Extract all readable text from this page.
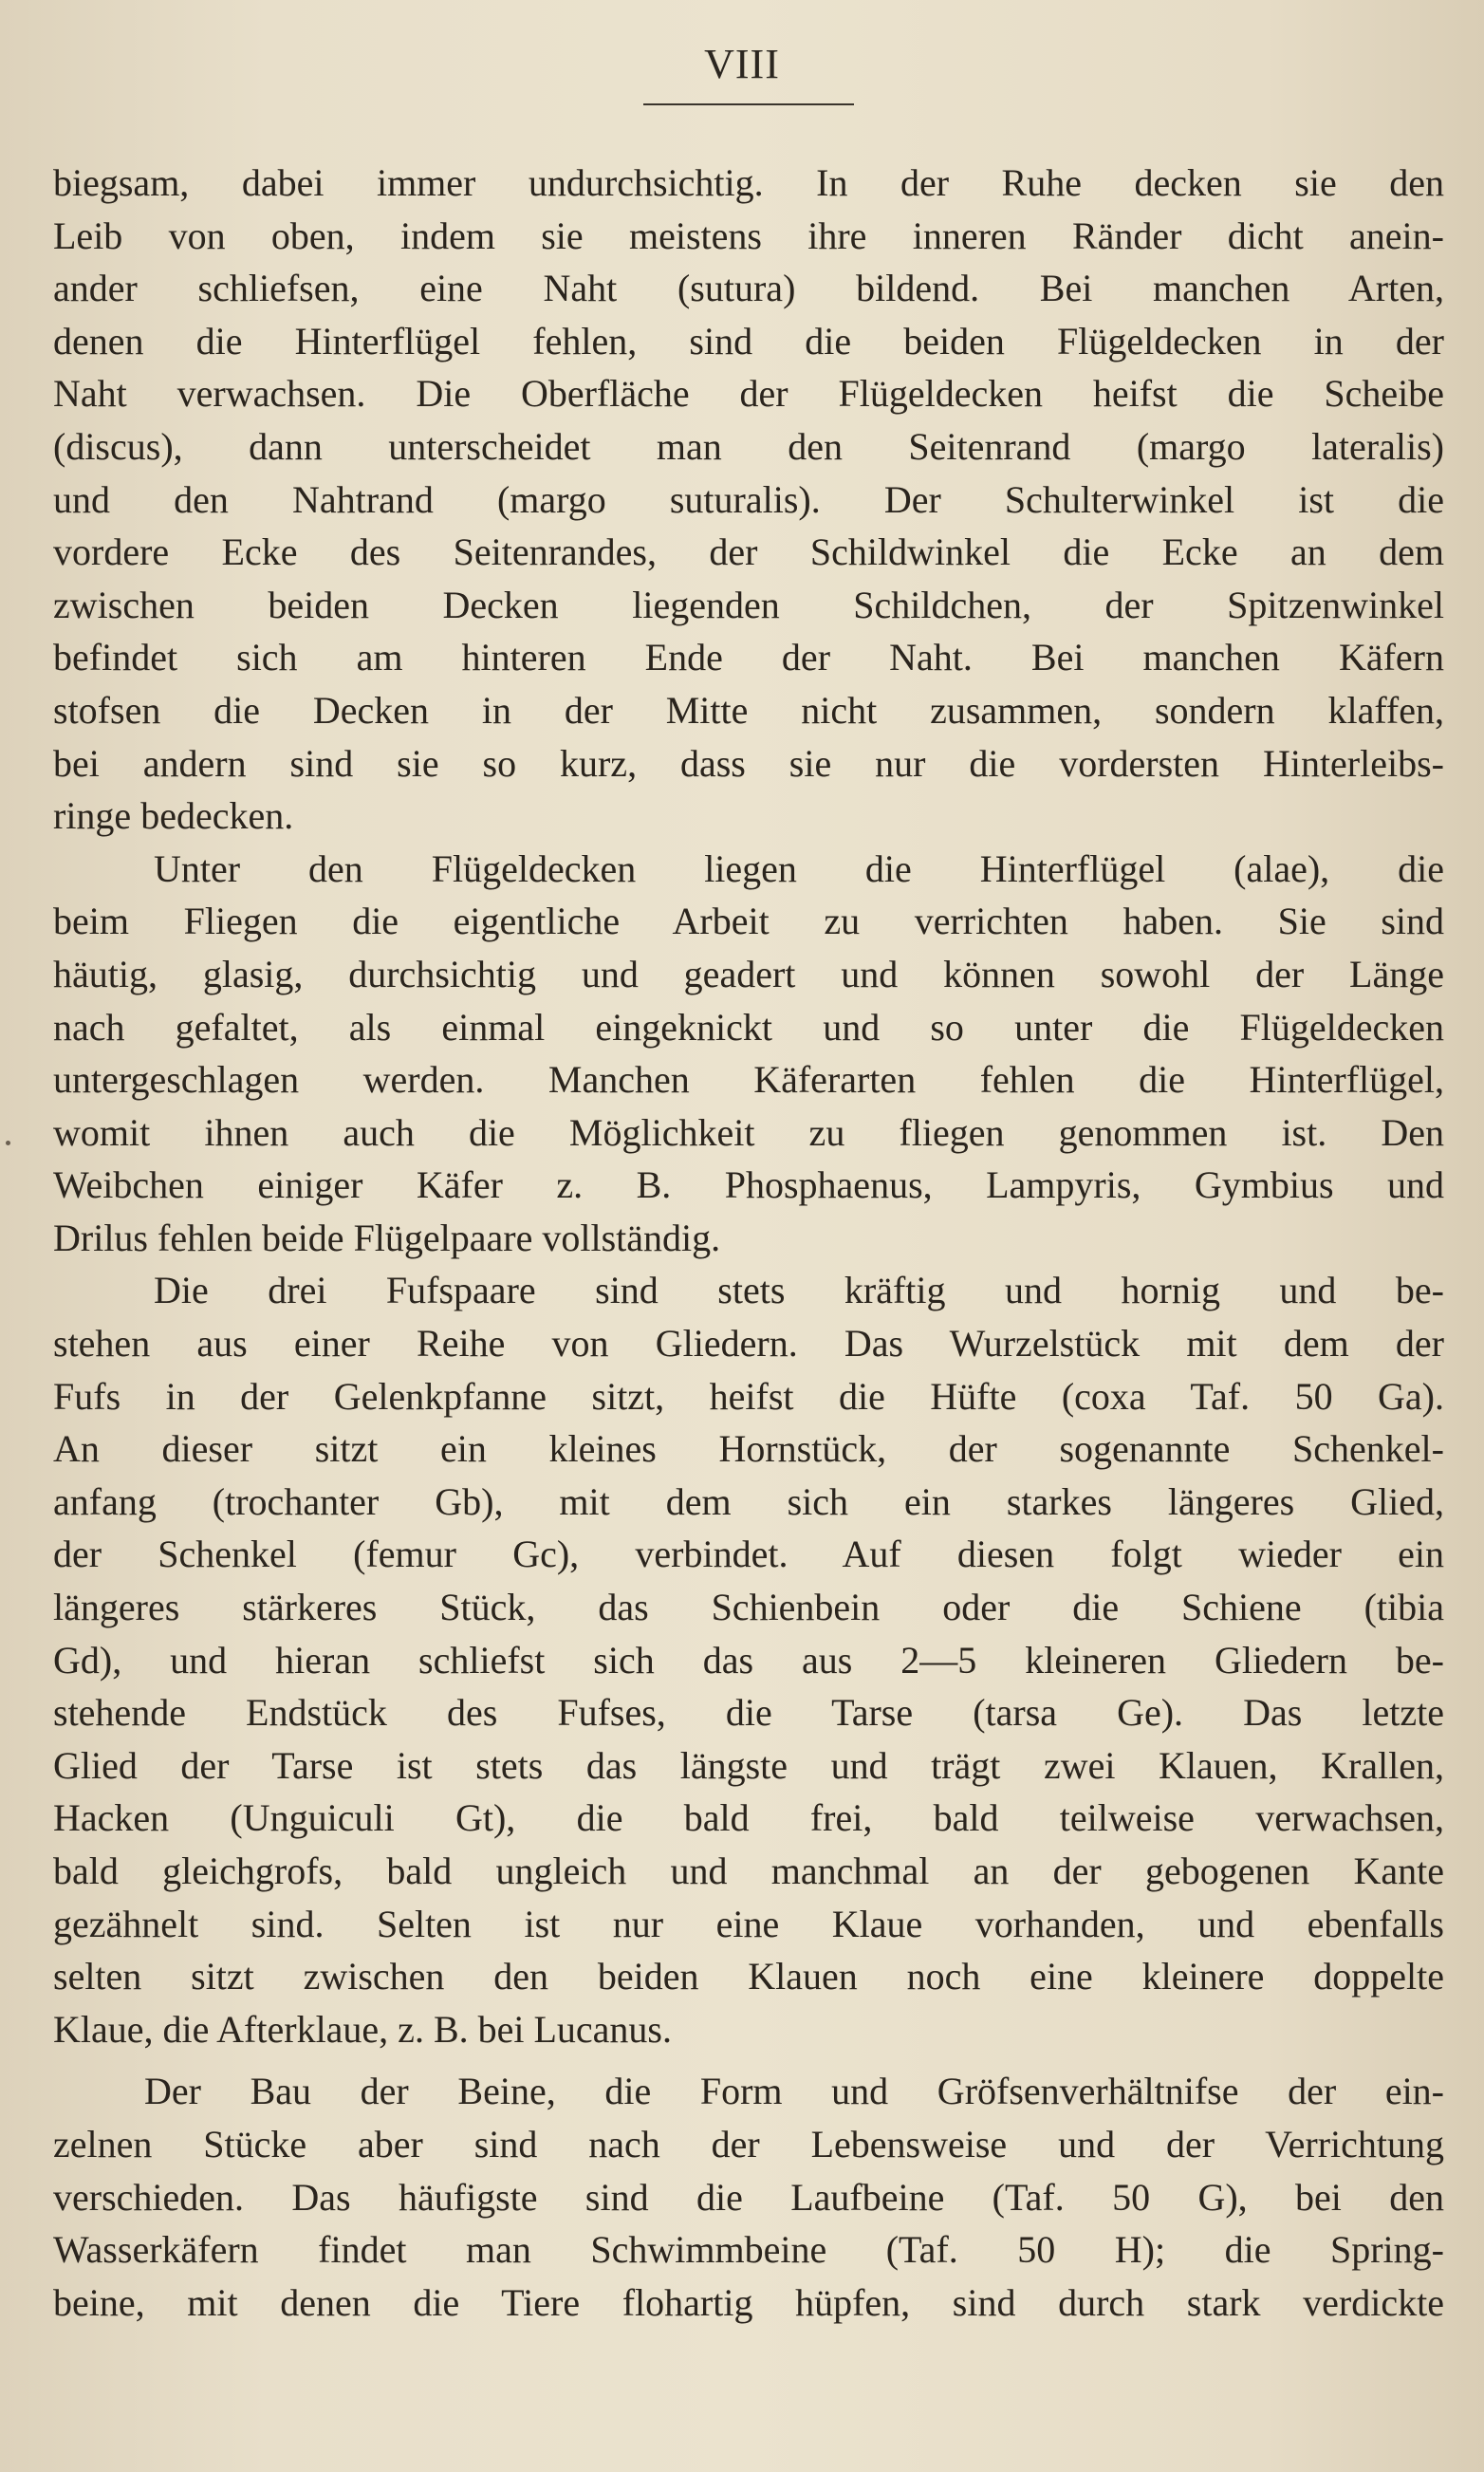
VIII
biegsam, dabei immer undurchsichtig. In der Ruhe decken sie den
Leib von oben, indem sie meistens ihre inneren Ränder dicht anein-
ander schliefsen, eine Naht (sutura) bildend. Bei manchen Arten,
denen die Hinterflügel fehlen, sind die beiden Flügeldecken in der
Naht verwachsen. Die Oberfläche der Flügeldecken heifst die Scheibe
(discus), dann unterscheidet man den Seitenrand (margo lateralis)
und den Nahtrand (margo suturalis). Der Schulterwinkel ist die
vordere Ecke des Seitenrandes, der Schildwinkel die Ecke an dem
zwischen beiden Decken liegenden Schildchen, der Spitzenwinkel
befindet sich am hinteren Ende der Naht. Bei manchen Käfern
stofsen die Decken in der Mitte nicht zusammen, sondern klaffen,
bei andern sind sie so kurz, dass sie nur die vordersten Hinterleibs-
ringe bedecken.
Unter den Flügeldecken liegen die Hinterflügel (alae), die
beim Fliegen die eigentliche Arbeit zu verrichten haben. Sie sind
häutig, glasig, durchsichtig und geadert und können sowohl der Länge
nach gefaltet, als einmal eingeknickt und so unter die Flügeldecken
untergeschlagen werden. Manchen Käferarten fehlen die Hinterflügel,
womit ihnen auch die Möglichkeit zu fliegen genommen ist. Den
Weibchen einiger Käfer z. B. Phosphaenus, Lampyris, Gymbius und
Drilus fehlen beide Flügelpaare vollständig.
Die drei Fufspaare sind stets kräftig und hornig und be-
stehen aus einer Reihe von Gliedern. Das Wurzelstück mit dem der
Fufs in der Gelenkpfanne sitzt, heifst die Hüfte (coxa Taf. 50 Ga).
An dieser sitzt ein kleines Hornstück, der sogenannte Schenkel-
anfang (trochanter Gb), mit dem sich ein starkes längeres Glied,
der Schenkel (femur Gc), verbindet. Auf diesen folgt wieder ein
längeres stärkeres Stück, das Schienbein oder die Schiene (tibia
Gd), und hieran schliefst sich das aus 2—5 kleineren Gliedern be-
stehende Endstück des Fufses, die Tarse (tarsa Ge). Das letzte
Glied der Tarse ist stets das längste und trägt zwei Klauen, Krallen,
Hacken (Unguiculi Gt), die bald frei, bald teilweise verwachsen,
bald gleichgrofs, bald ungleich und manchmal an der gebogenen Kante
gezähnelt sind. Selten ist nur eine Klaue vorhanden, und ebenfalls
selten sitzt zwischen den beiden Klauen noch eine kleinere doppelte
Klaue, die Afterklaue, z. B. bei Lucanus.
Der Bau der Beine, die Form und Gröfsenverhältnifse der ein-
zelnen Stücke aber sind nach der Lebensweise und der Verrichtung
verschieden. Das häufigste sind die Laufbeine (Taf. 50 G), bei den
Wasserkäfern findet man Schwimmbeine (Taf. 50 H); die Spring-
beine, mit denen die Tiere flohartig hüpfen, sind durch stark verdickte
